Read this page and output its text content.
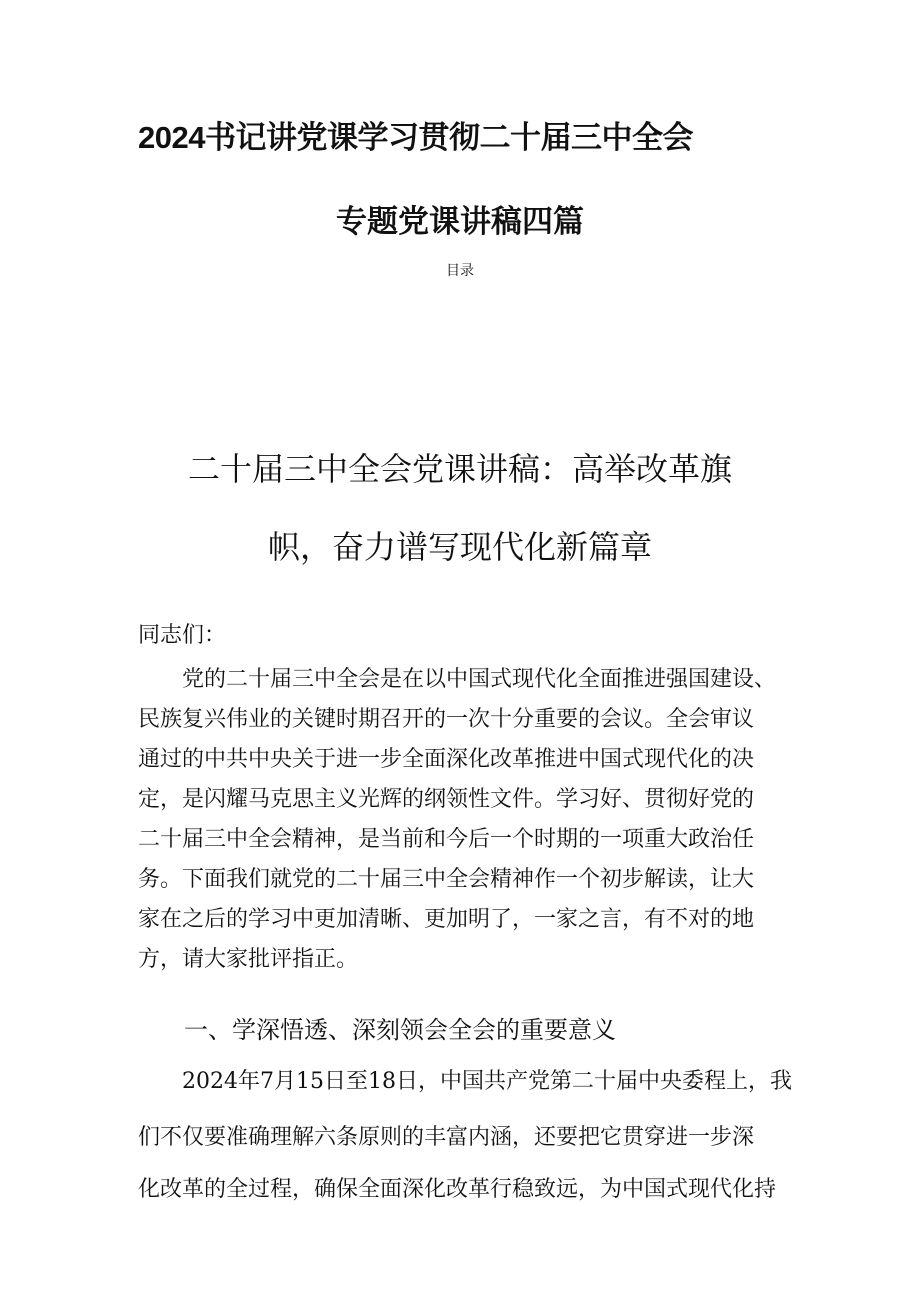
2024书记讲党课学习贯彻二十届三中全会
专题党课讲稿四篇
目录
二十届三中全会党课讲稿：高举改革旗
帜，奋力谱写现代化新篇章
同志们：
　　党的二十届三中全会是在以中国式现代化全面推进强国建设、
民族复兴伟业的关键时期召开的一次十分重要的会议。全会审议
通过的中共中央关于进一步全面深化改革推进中国式现代化的决
定，是闪耀马克思主义光辉的纲领性文件。学习好、贯彻好党的
二十届三中全会精神，是当前和今后一个时期的一项重大政治任
务。下面我们就党的二十届三中全会精神作一个初步解读，让大
家在之后的学习中更加清晰、更加明了，一家之言，有不对的地
方，请大家批评指正。
一、学深悟透、深刻领会全会的重要意义
　　2024年7月15日至18日，中国共产党第二十届中央委程上，我
们不仅要准确理解六条原则的丰富内涵，还要把它贯穿进一步深
化改革的全过程，确保全面深化改革行稳致远，为中国式现代化持
